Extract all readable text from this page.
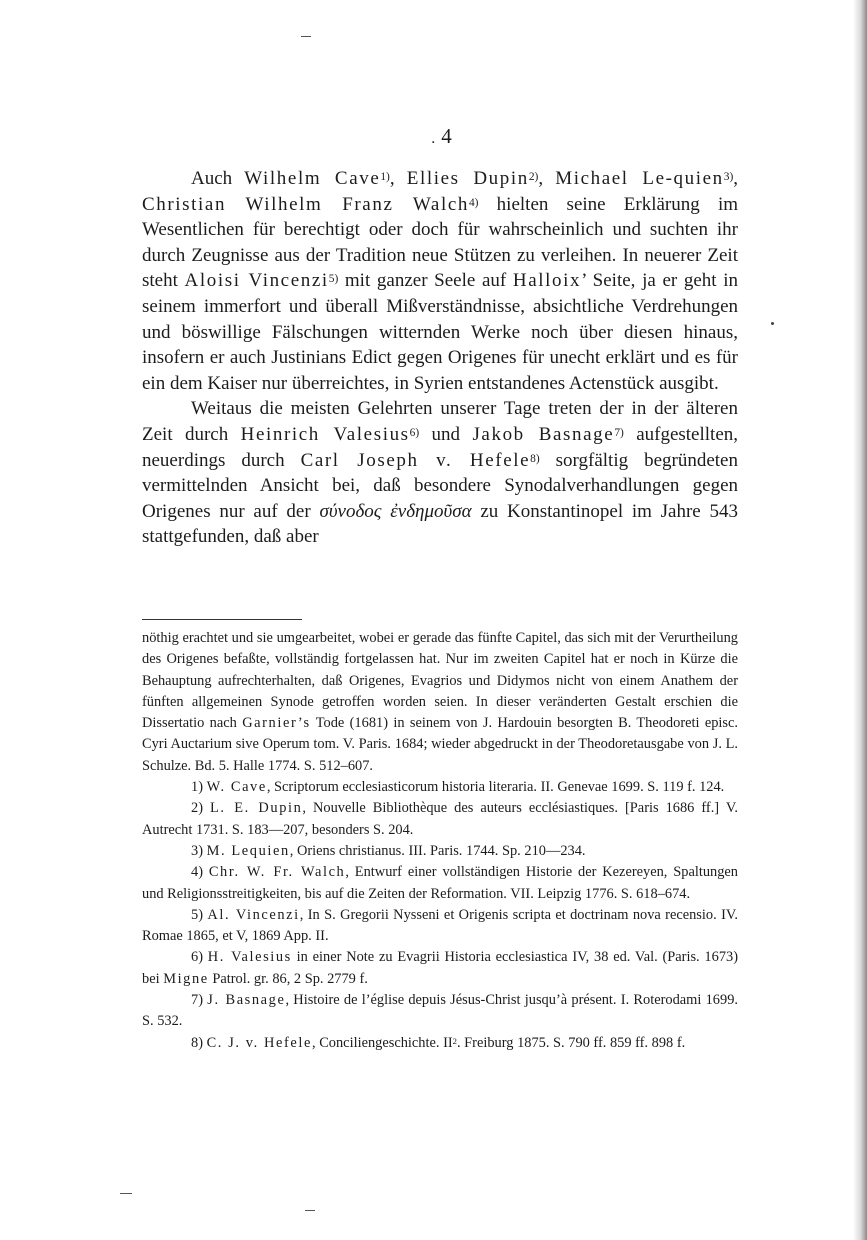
. 4

Auch Wilhelm Cave$^{1)}$, Ellies Dupin$^{2)}$, Michael Le-quien$^{3)}$, Christian Wilhelm Franz Walch$^{4)}$ hielten seine Erklärung im Wesentlichen für berechtigt oder doch für wahrscheinlich und suchten ihr durch Zeugnisse aus der Tradition neue Stützen zu verleihen. In neuerer Zeit steht Aloisi Vincenzi$^{5)}$ mit ganzer Seele auf Halloix’ Seite, ja er geht in seinem immerfort und überall Mißverständnisse, absichtliche Verdrehungen und böswillige Fälschungen witternden Werke noch über diesen hinaus, insofern er auch Justinians Edict gegen Origenes für unecht erklärt und es für ein dem Kaiser nur überreichtes, in Syrien entstandenes Actenstück ausgibt.

Weitaus die meisten Gelehrten unserer Tage treten der in der älteren Zeit durch Heinrich Valesius$^{6)}$ und Jakob Basnage$^{7)}$ aufgestellten, neuerdings durch Carl Joseph v. Hefele$^{8)}$ sorgfältig begründeten vermittelnden Ansicht bei, daß besondere Synodalverhandlungen gegen Origenes nur auf der σύνοδος ἐνδημοῦσα zu Konstantinopel im Jahre 543 stattgefunden, daß aber

nöthig erachtet und sie umgearbeitet, wobei er gerade das fünfte Capitel, das sich mit der Verurtheilung des Origenes befaßte, vollständig fortgelassen hat. Nur im zweiten Capitel hat er noch in Kürze die Behauptung aufrechterhalten, daß Origenes, Evagrios und Didymos nicht von einem Anathem der fünften allgemeinen Synode getroffen worden seien. In dieser veränderten Gestalt erschien die Dissertatio nach Garnier’s Tode (1681) in seinem von J. Hardouin besorgten B. Theodoreti episc. Cyri Auctarium sive Operum tom. V. Paris. 1684; wieder abgedruckt in der Theodoretausgabe von J. L. Schulze. Bd. 5. Halle 1774. S. 512–607.

1) W. Cave, Scriptorum ecclesiasticorum historia literaria. II. Genevae 1699. S. 119 f. 124.

2) L. E. Dupin, Nouvelle Bibliothèque des auteurs ecclésiastiques. [Paris 1686 ff.] V. Autrecht 1731. S. 183—207, besonders S. 204.

3) M. Lequien, Oriens christianus. III. Paris. 1744. Sp. 210—234.

4) Chr. W. Fr. Walch, Entwurf einer vollständigen Historie der Kezereyen, Spaltungen und Religionsstreitigkeiten, bis auf die Zeiten der Reformation. VII. Leipzig 1776. S. 618–674.

5) Al. Vincenzi, In S. Gregorii Nysseni et Origenis scripta et doctrinam nova recensio. IV. Romae 1865, et V, 1869 App. II.

6) H. Valesius in einer Note zu Evagrii Historia ecclesiastica IV, 38 ed. Val. (Paris. 1673) bei Migne Patrol. gr. 86, 2 Sp. 2779 f.

7) J. Basnage, Histoire de l’église depuis Jésus-Christ jusqu’à présent. I. Roterodami 1699. S. 532.

8) C. J. v. Hefele, Conciliengeschichte. $II^2$. Freiburg 1875. S. 790 ff. 859 ff. 898 f.
